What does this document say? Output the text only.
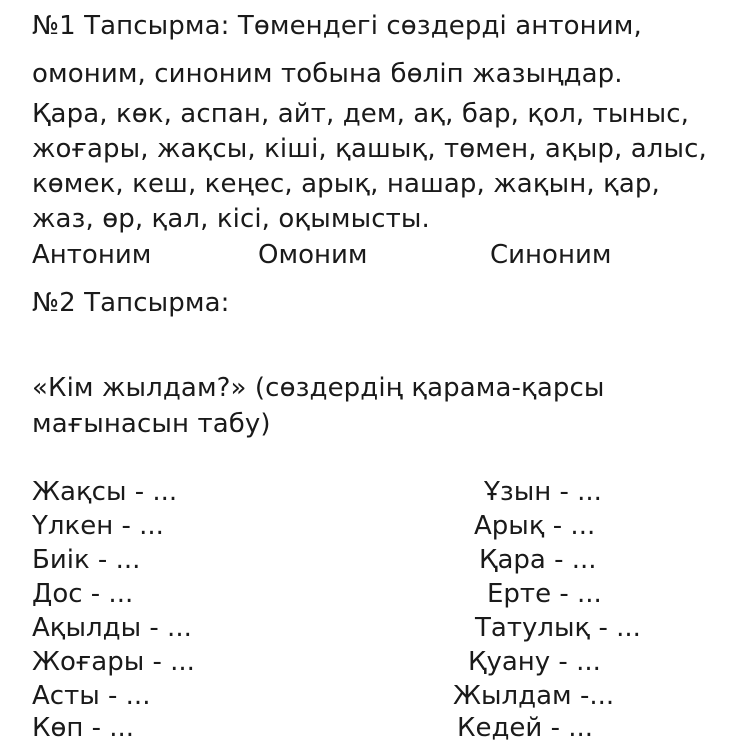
№1 Тапсырма: Төмендегі сөздерді антоним,
омоним, синоним тобына бөліп жазыңдар.
Қара, көк, аспан, айт, дем, ақ, бар, қол, тыныс,
жоғары, жақсы, кіші, қашық, төмен, ақыр, алыс,
көмек, кеш, кеңес, арық, нашар, жақын, қар,
жаз, өр, қал, кісі, оқымысты.
Антоним	Омоним	Синоним
№2 Тапсырма:
«Кім жылдам?» (сөздердің қарама-қарсы
мағынасын табу)
Жақсы - ...
Үлкен - ...
Биік - ...
Дос - ...
Ақылды - ...
Жоғары - ...
Асты - ...
Көп - ...
Ұзын - ...
Арық - ...
Қара - ...
Ерте - ...
Татулық - ...
Қуану - ...
Жылдам -...
Кедей - ...
